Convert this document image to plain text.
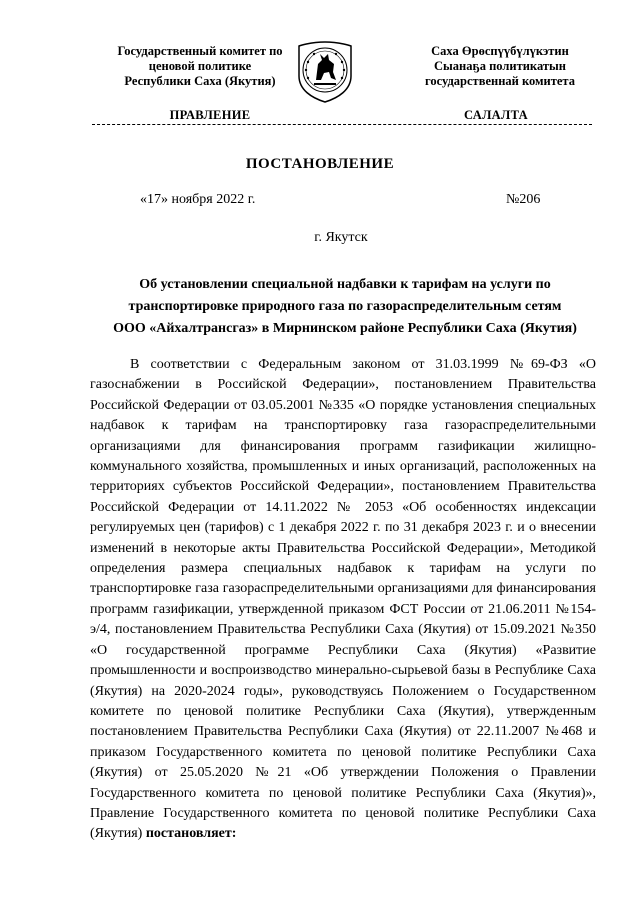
Государственный комитет по
ценовой политике
Республики Саха (Якутия)
Саха Өрөспүүбүлүкэтин
Сыанаҕа политикатын
государственнай комитета
ПРАВЛЕНИЕ	САЛАЛТА
ПОСТАНОВЛЕНИЕ
«17» ноября 2022 г.	№206
г. Якутск
Об установлении специальной надбавки к тарифам на услуги по
транспортировке природного газа по газораспределительным сетям
ООО «Айхалтрансгаз» в Мирнинском районе Республики Саха (Якутия)

В соответствии с Федеральным законом от 31.03.1999 №69-ФЗ «О газоснабжении в Российской Федерации», постановлением Правительства Российской Федерации от 03.05.2001 №335 «О порядке установления специальных надбавок к тарифам на транспортировку газа газораспределительными организациями для финансирования программ газификации жилищно-коммунального хозяйства, промышленных и иных организаций, расположенных на территориях субъектов Российской Федерации», постановлением Правительства Российской Федерации от 14.11.2022 № 2053 «Об особенностях индексации регулируемых цен (тарифов) с 1 декабря 2022 г. по 31 декабря 2023 г. и о внесении изменений в некоторые акты Правительства Российской Федерации», Методикой определения размера специальных надбавок к тарифам на услуги по транспортировке газа газораспределительными организациями для финансирования программ газификации, утвержденной приказом ФСТ России от 21.06.2011 №154-э/4, постановлением Правительства Республики Саха (Якутия) от 15.09.2021 №350 «О государственной программе Республики Саха (Якутия) «Развитие промышленности и воспроизводство минерально-сырьевой базы в Республике Саха (Якутия) на 2020-2024 годы», руководствуясь Положением о Государственном комитете по ценовой политике Республики Саха (Якутия), утвержденным постановлением Правительства Республики Саха (Якутия) от 22.11.2007 №468 и приказом Государственного комитета по ценовой политике Республики Саха (Якутия) от 25.05.2020 №21 «Об утверждении Положения о Правлении Государственного комитета по ценовой политике Республики Саха (Якутия)», Правление Государственного комитета по ценовой политике Республики Саха (Якутия) постановляет:
